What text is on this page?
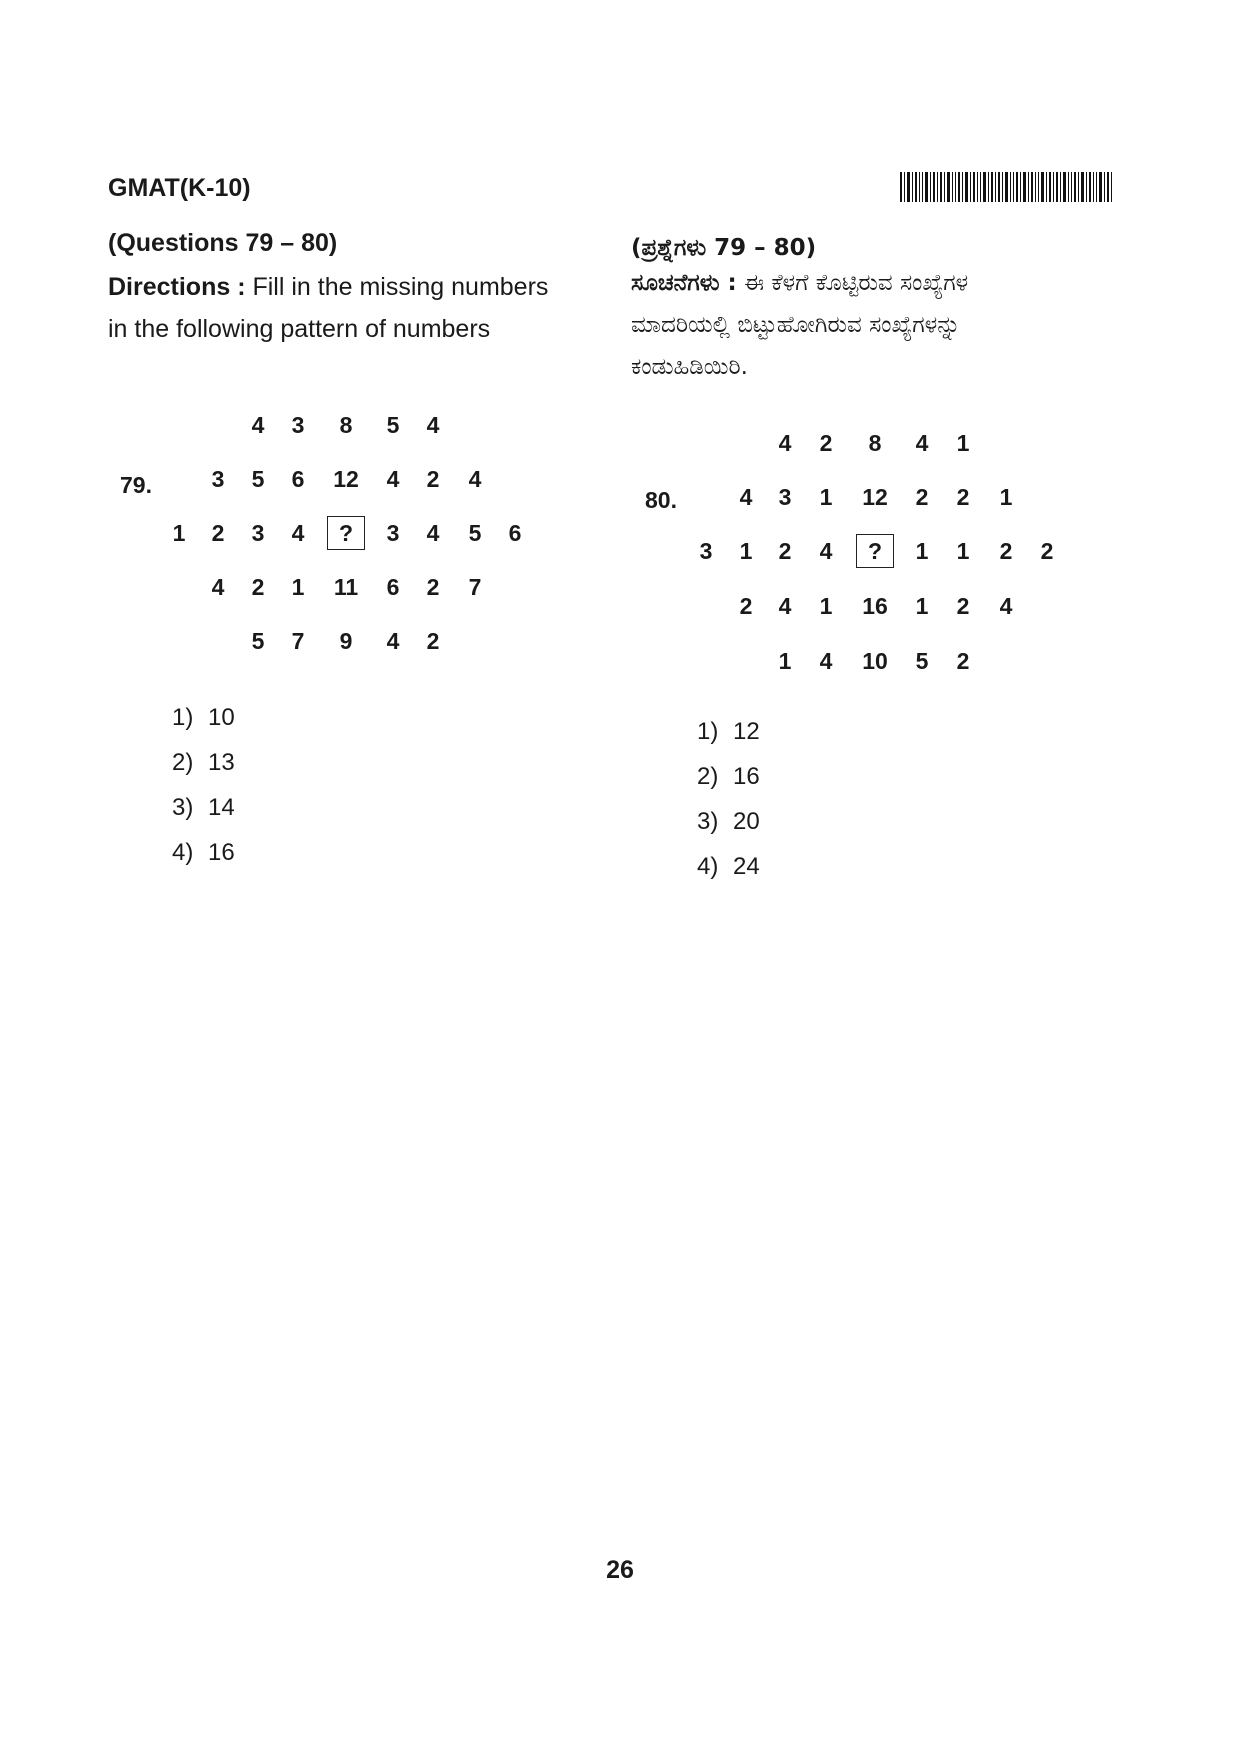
GMAT(K-10)
(Questions 79 – 80)
Directions : Fill in the missing numbers
in the following pattern of numbers
(ಪ್ರಶ್ನೆಗಳು 79 – 80)
ಸೂಚನೆಗಳು : ಈ ಕೆಳಗೆ ಕೊಟ್ಟಿರುವ ಸಂಖ್ಯೆಗಳ
ಮಾದರಿಯಲ್ಲಿ ಬಿಟ್ಟುಹೋಗಿರುವ ಸಂಖ್ಯೆಗಳನ್ನು
ಕಂಡುಹಿಡಿಯಿರಿ.
79.
4 3 8 5 4
3 5 6 12 4 2 4
1 2 3 4 ? 3 4 5 6
4 2 1 11 6 2 7
5 7 9 4 2
1) 10
2) 13
3) 14
4) 16
80.
4 2 8 4 1
4 3 1 12 2 2 1
3 1 2 4 ? 1 1 2 2
2 4 1 16 1 2 4
1 4 10 5 2
1) 12
2) 16
3) 20
4) 24
26
